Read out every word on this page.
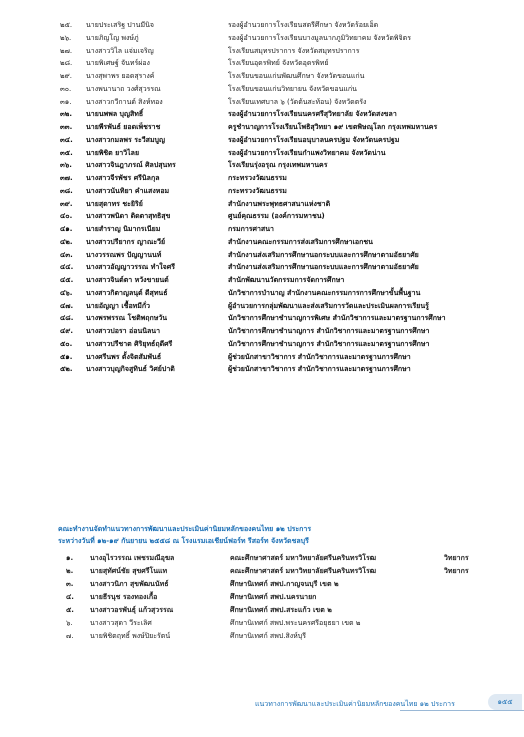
๒๕.	นายประเสริฐ ปานมีนิจ	รองผู้อำนวยการโรงเรียนสตรีศึกษา จังหวัดร้อยเอ็ด
๒๖.	นายภิญโญ พงษ์ภู่	รองผู้อำนวยการโรงเรียนบางมูลนากภูมิวิทยาคม จังหวัดพิจิตร
๒๗.	นางสาววิไล แจ่มเจริญ	โรงเรียนสมุทรปราการ จังหวัดสมุทรปราการ
๒๘.	นายพิเศษฐ์ จันทร์ผ่อง	โรงเรียนอุดรพิทย์ จังหวัดอุดรพิทย์
๒๙.	นางสุพาพร ยอดสุรางค์	โรงเรียนขอนแก่นพัฒนศึกษา จังหวัดขอนแก่น
๓๐.	นางพนานาถ วงศ์สุวรรณ	โรงเรียนขอนแก่นวิทยายน จังหวัดขอนแก่น
๓๑.	นางสาวกวีกานต์ สิงห์ทอง	โรงเรียนเทศบาล ๖ (วัดต้นสะท้อน) จังหวัดตรัง
๓๒.	นายนพพล บุญสิทธิ์	รองผู้อำนวยการโรงเรียนนครศรีสุวิทยาลัย จังหวัดสงขลา
๓๓.	นายพีรพันธ์ ยอดเพ็ชราช	ครูชำนาญการโรงเรียนโพธิสุวิทยา ๑๙ เขตพิษณุโลก กรุงเทพมหานคร
๓๔.	นางสาวกมลพร ระวีสมบูญ	รองผู้อำนวยการโรงเรียนอนุบาลนครปฐม จังหวัดนครปฐม
๓๕.	นายพิชิต ยาวิไลย	รองผู้อำนวยการโรงเรียนกำแพงวิทยาคม จังหวัดน่าน
๓๖.	นางสาวจินฎาภรณ์ ศิลปสุนทร	โรงเรียนรุ่งอรุณ กรุงเทพมหานคร
๓๗.	นางสาวจีรพัชร ศรีนิลกุล	กระทรวงวัฒนธรรม
๓๘.	นางสาวนันทิยา คำแสงหอม	กระทรวงวัฒนธรรม
๓๙.	นายสุดาทร ชะยิริย์	สำนักงานพระพุทธศาสนาแห่งชาติ
๔๐.	นางสาวพนิดา ติดตาสุทธิสุข	ศูนย์คุณธรรม (องค์การมหาชน)
๔๑.	นายสำราญ นิมากรเนียม	กรมการศาสนา
๔๒.	นางสาวปรียากร ญาณะวีย์	สำนักงานคณะกรรมการส่งเสริมการศึกษาเอกชน
๔๓.	นางวรรณพร ปัญญานนท์	สำนักงานส่งเสริมการศึกษานอกระบบและการศึกษาตามอัธยาศัย
๔๔.	นางสาวอัญญาวรรณ ทำใจศรี	สำนักงานส่งเสริมการศึกษานอกระบบและการศึกษาตามอัธยาศัย
๔๕.	นางสาวจินต์ตา หวังขายนต์	สำนักพัฒนานวัตกรรมการจัดการศึกษา
๔๖.	นางสาวกิตาญลนุต์ ดีสุทนธ์	นักวิชาการบำนาญ สำนักงานคณะกรรมการการศึกษาขั้นพื้นฐาน
๔๗.	นายอัญญา เชื้อทมีกั่ว	ผู้อำนวยการกลุ่มพัฒนาและส่งเสริมการวัดและประเมินผลการเรียนรู้
๔๘.	นางพรพรรณ โชติพฤกษวัน	นักวิชาการศึกษาชำนาญการพิเศษ สำนักวิชาการและมาตรฐานการศึกษา
๔๙.	นางสาวปอรา อ่อนนิลนา	นักวิชาการศึกษาชำนาญการ สำนักวิชาการและมาตรฐานการศึกษา
๕๐.	นางสาวปรีชาต ศิริยุทธ์ฤดีศรี	นักวิชาการศึกษาชำนาญการ สำนักวิชาการและมาตรฐานการศึกษา
๕๑.	นางศรีนพร ตั้งจิตสัมพันธ์	ผู้ช่วยนักสาขาวิชาการ สำนักวิชาการและมาตรฐานการศึกษา
๕๒.	นางสาวบุญกิจสูทินธ์ วิศย์ปาติ	ผู้ช่วยนักสาขาวิชาการ สำนักวิชาการและมาตรฐานการศึกษา
คณะทำงานจัดทำแนวทางการพัฒนาและประเมินค่านิยมหลักของคนไทย ๑๒ ประการ
ระหว่างวันที่ ๑๒-๑๙ กันยายน ๒๕๕๘ ณ โรงแรมเอเชียน์ฟอร์ท รีสอร์ท จังหวัดชลบุรี
๑.	นางอุไรวรรณ เพชรมณีอุฆล	คณะศึกษาศาสตร์ มหาวิทยาลัยศรีนครินทรวิโรฒ	วิทยากร
๒.	นายสุทัศน์ชัย สุขศรีโนแท	คณะศึกษาศาสตร์ มหาวิทยาลัยศรีนครินทรวิโรฒ	วิทยากร
๓.	นางสาวนิภา สุขพัฒนนัทธ์	ศึกษานิเทศก์ สพป.กาญจนบุรี เขต ๒
๔.	นายธีรนุช รองทองเกื้อ	ศึกษานิเทศก์ สพป.นครนายก
๕.	นางสาวอรพันธุ์ แก้วสุวรรณ	ศึกษานิเทศก์ สพป.สระแก้ว เขต ๒
๖.	นางสาวสุดา วีระเลิศ	ศึกษานิเทศก์ สพป.พระนครศรีอยุธยา เขต ๒
๗.	นายพิชิตฤทธิ์ พงษ์ปิยะรัตน์	ศึกษานิเทศก์ สพป.สิงห์บุรี
แนวทางการพัฒนาและประเมินค่านิยมหลักของคนไทย ๑๒ ประการ	๑๕๕
